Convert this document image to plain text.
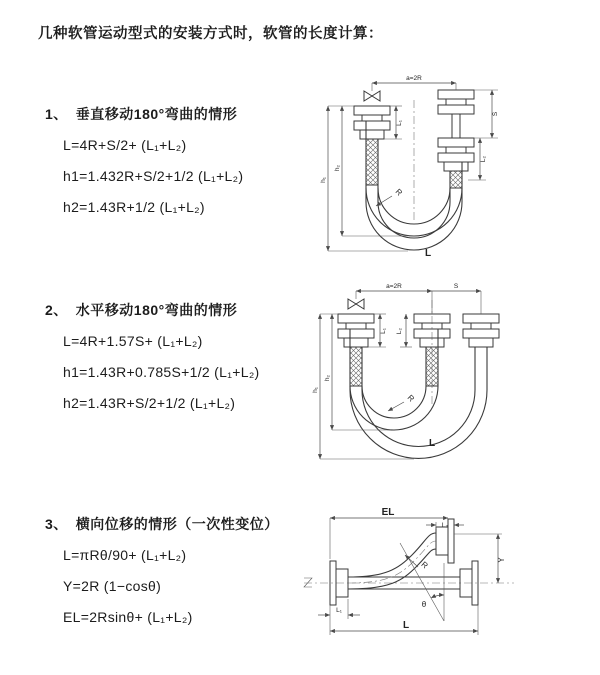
几种软管运动型式的安装方式时，软管的长度计算：
1、 垂直移动180°弯曲的情形
L=4R+S/2+ (L₁+L₂)
h1=1.432R+S/2+1/2 (L₁+L₂)
h2=1.43R+1/2 (L₁+L₂)
2、 水平移动180°弯曲的情形
L=4R+1.57S+ (L₁+L₂)
h1=1.43R+0.785S+1/2 (L₁+L₂)
h2=1.43R+S/2+1/2 (L₁+L₂)
3、 横向位移的情形（一次性变位）
L=πRθ/90+ (L₁+L₂)
Y=2R (1−cosθ)
EL=2Rsinθ+ (L₁+L₂)
a=2R
h₁
h₂
L₁
S
L₂
R
L
a=2R	S
h₁
h₂
L₁ L₂
R
L
θ
R
EL
L₂
Y
L₁
L
